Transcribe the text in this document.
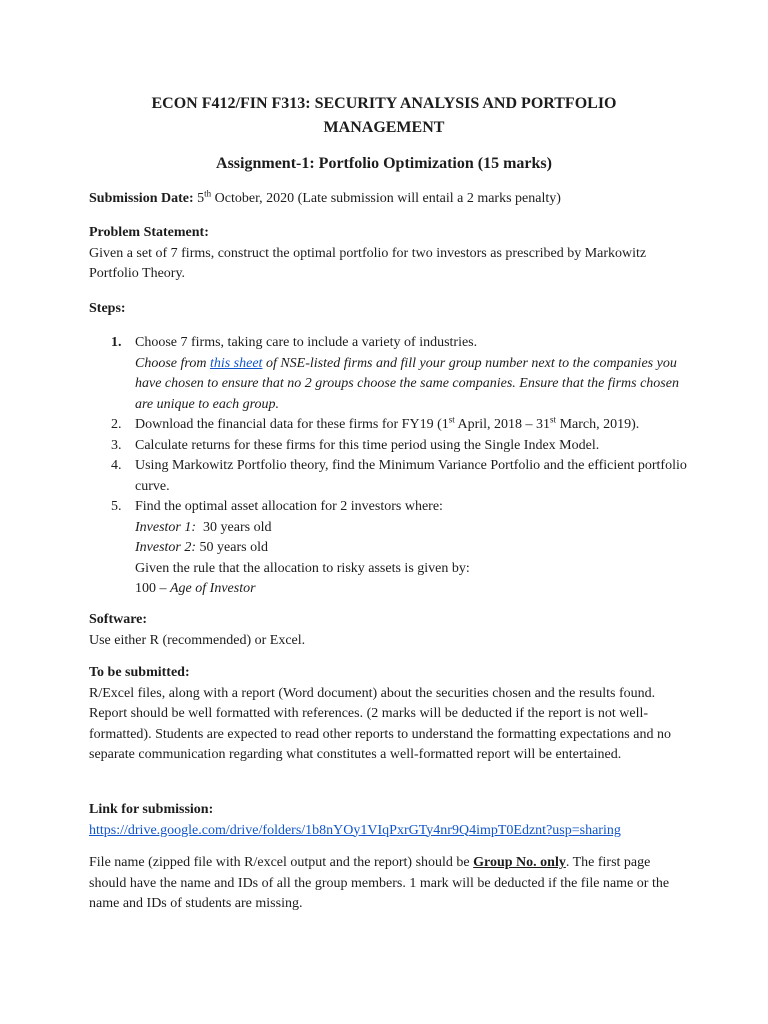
ECON F412/FIN F313: SECURITY ANALYSIS AND PORTFOLIO
MANAGEMENT
Assignment-1: Portfolio Optimization (15 marks)
Submission Date: 5th October, 2020 (Late submission will entail a 2 marks penalty)
Problem Statement:
Given a set of 7 firms, construct the optimal portfolio for two investors as prescribed by Markowitz Portfolio Theory.
Steps:
1. Choose 7 firms, taking care to include a variety of industries.
Choose from this sheet of NSE-listed firms and fill your group number next to the companies you have chosen to ensure that no 2 groups choose the same companies. Ensure that the firms chosen are unique to each group.
2. Download the financial data for these firms for FY19 (1st April, 2018 – 31st March, 2019).
3. Calculate returns for these firms for this time period using the Single Index Model.
4. Using Markowitz Portfolio theory, find the Minimum Variance Portfolio and the efficient portfolio curve.
5. Find the optimal asset allocation for 2 investors where:
Investor 1: 30 years old
Investor 2: 50 years old
Given the rule that the allocation to risky assets is given by:
100 – Age of Investor
Software:
Use either R (recommended) or Excel.
To be submitted:
R/Excel files, along with a report (Word document) about the securities chosen and the results found. Report should be well formatted with references. (2 marks will be deducted if the report is not well-formatted). Students are expected to read other reports to understand the formatting expectations and no separate communication regarding what constitutes a well-formatted report will be entertained.
Link for submission:
https://drive.google.com/drive/folders/1b8nYOy1VIqPxrGTy4nr9Q4impT0Edznt?usp=sharing
File name (zipped file with R/excel output and the report) should be Group No. only. The first page should have the name and IDs of all the group members. 1 mark will be deducted if the file name or the name and IDs of students are missing.
